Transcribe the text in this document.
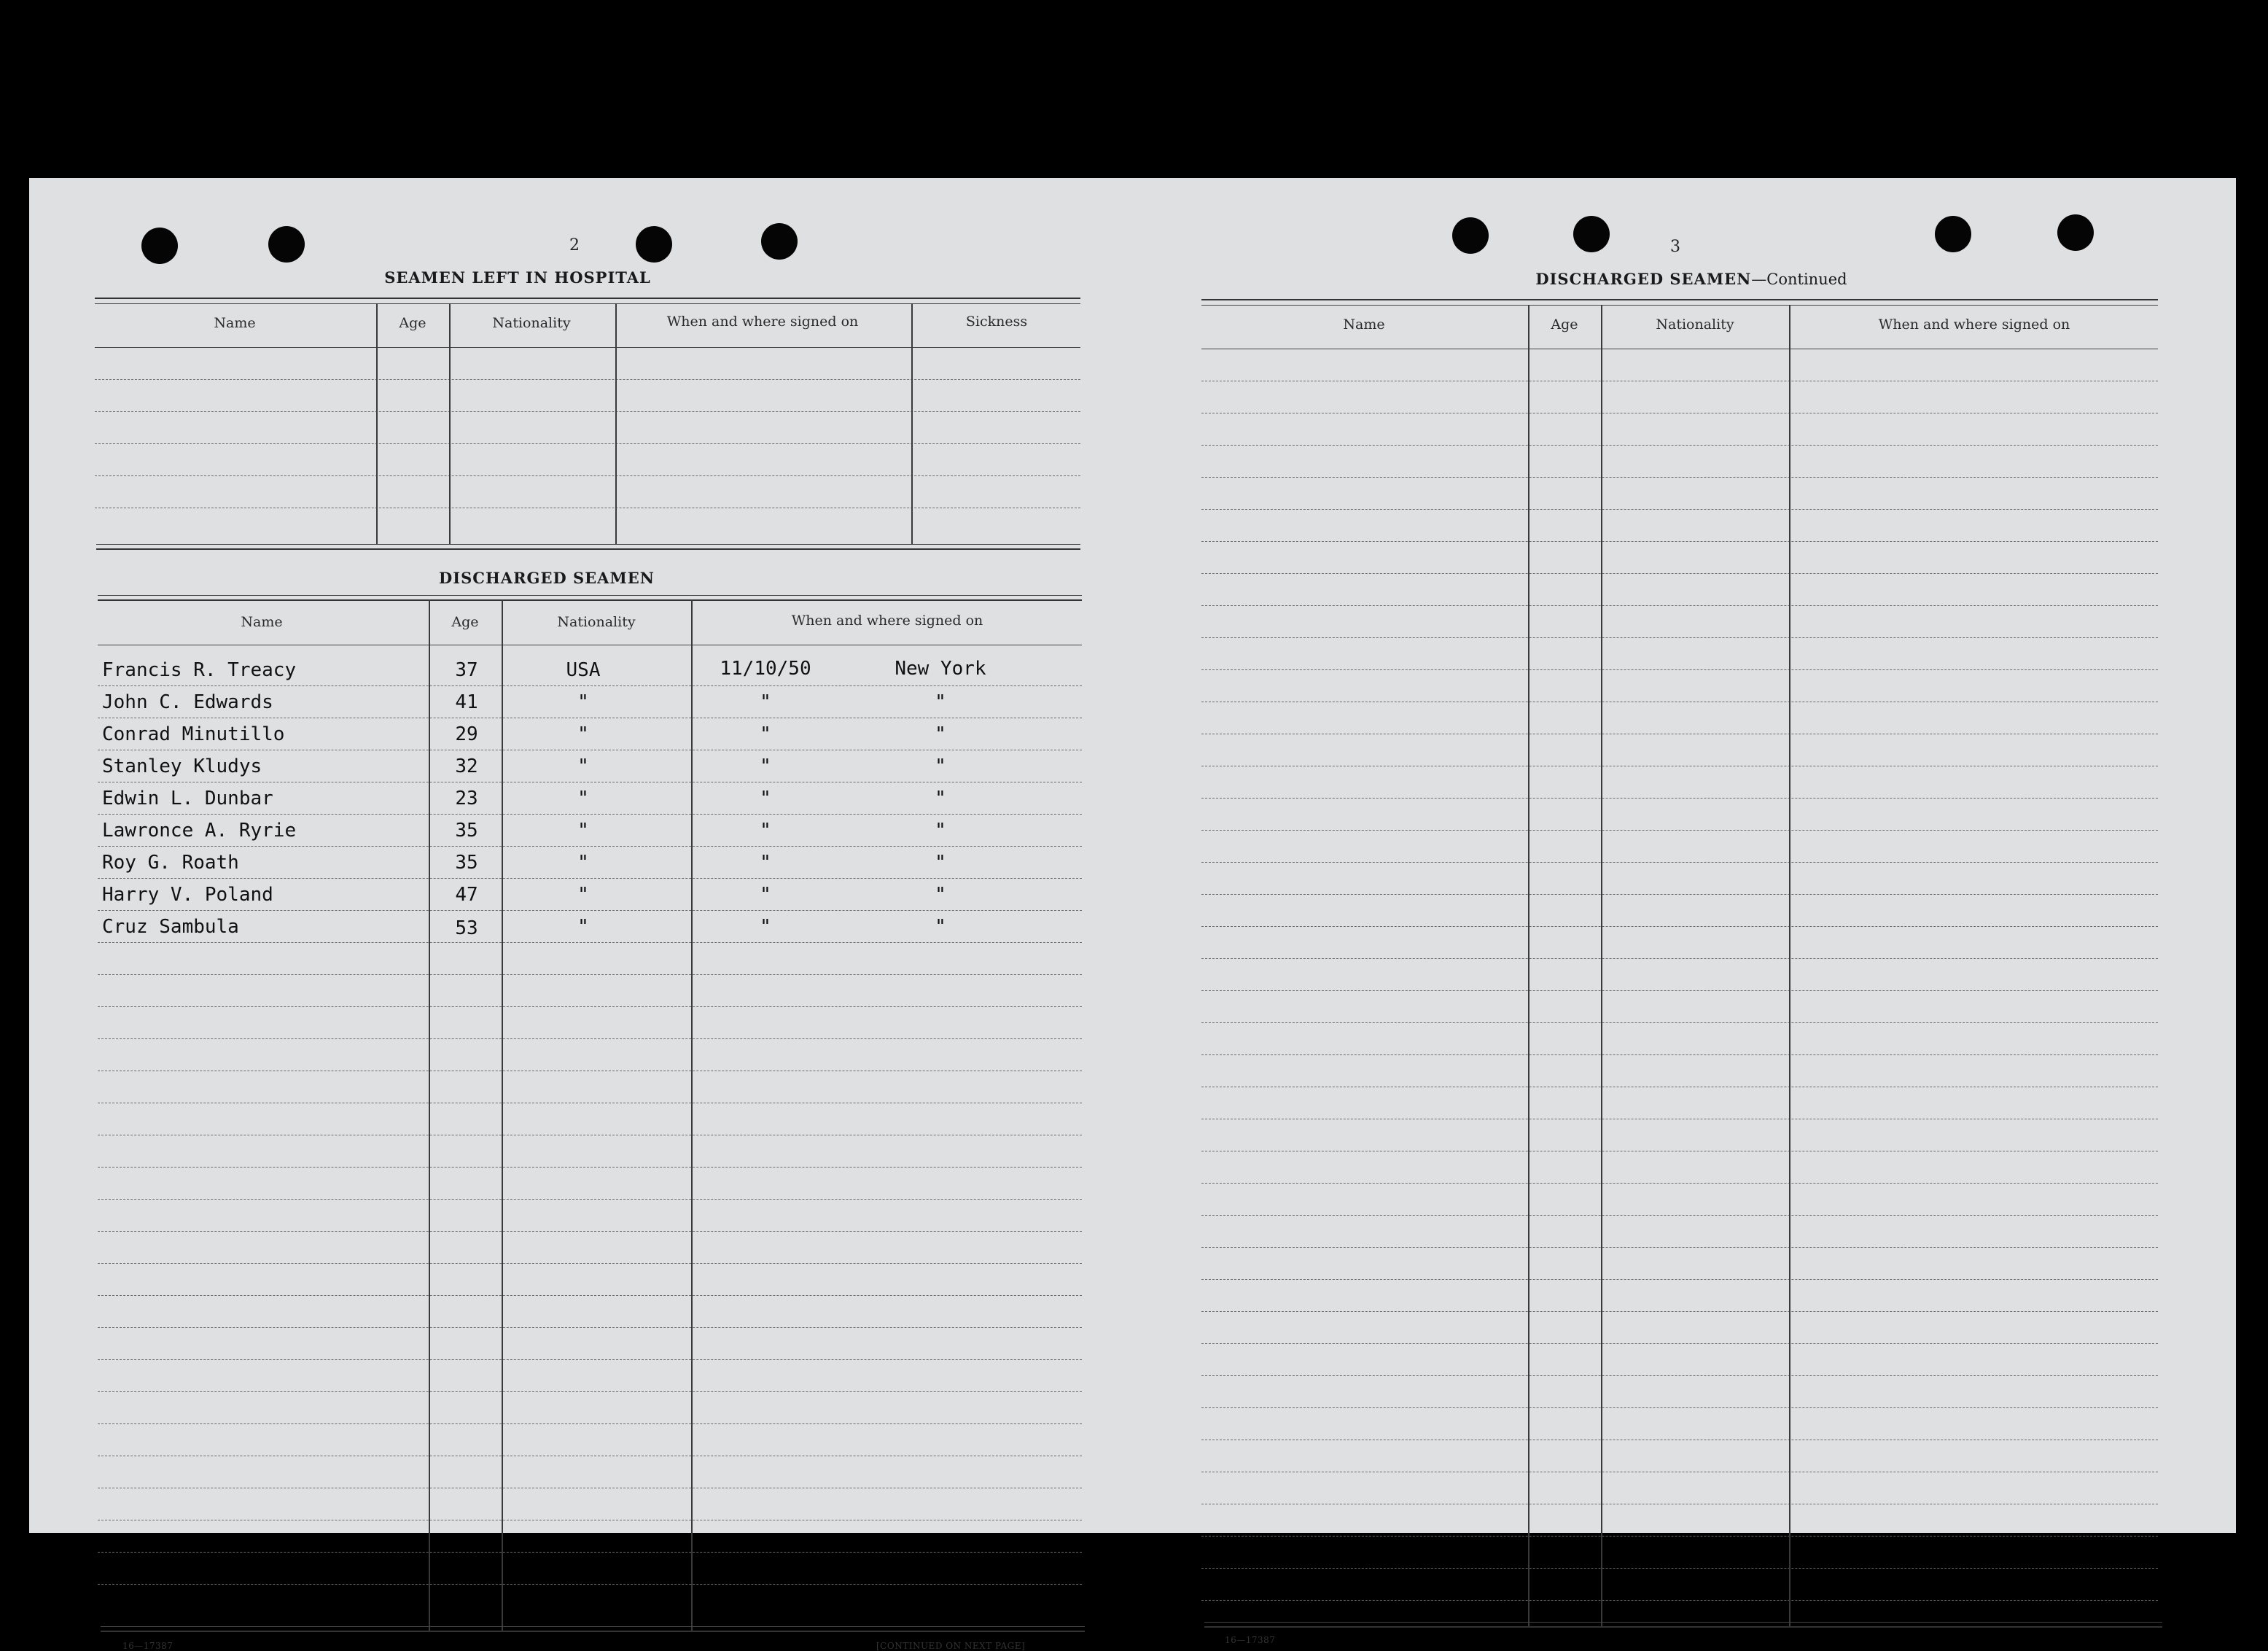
2
SEAMEN LEFT IN HOSPITAL
Name	Age	Nationality	When and where signed on	Sickness
DISCHARGED SEAMEN
Name	Age	Nationality	When and where signed on
Francis R. Treacy	37	USA	11/10/50	New York
John C. Edwards	41	"	"	"
Conrad Minutillo	29	"	"	"
Stanley Kludys	32	"	"	"
Edwin L. Dunbar	23	"	"	"
Lawronce A. Ryrie	35	"	"	"
Roy G. Roath	35	"	"	"
Harry V. Poland	47	"	"	"
Cruz Sambula	53	"	"	"
16—17387	[CONTINUED ON NEXT PAGE]
3
DISCHARGED SEAMEN—Continued
Name	Age	Nationality	When and where signed on
16—17387
